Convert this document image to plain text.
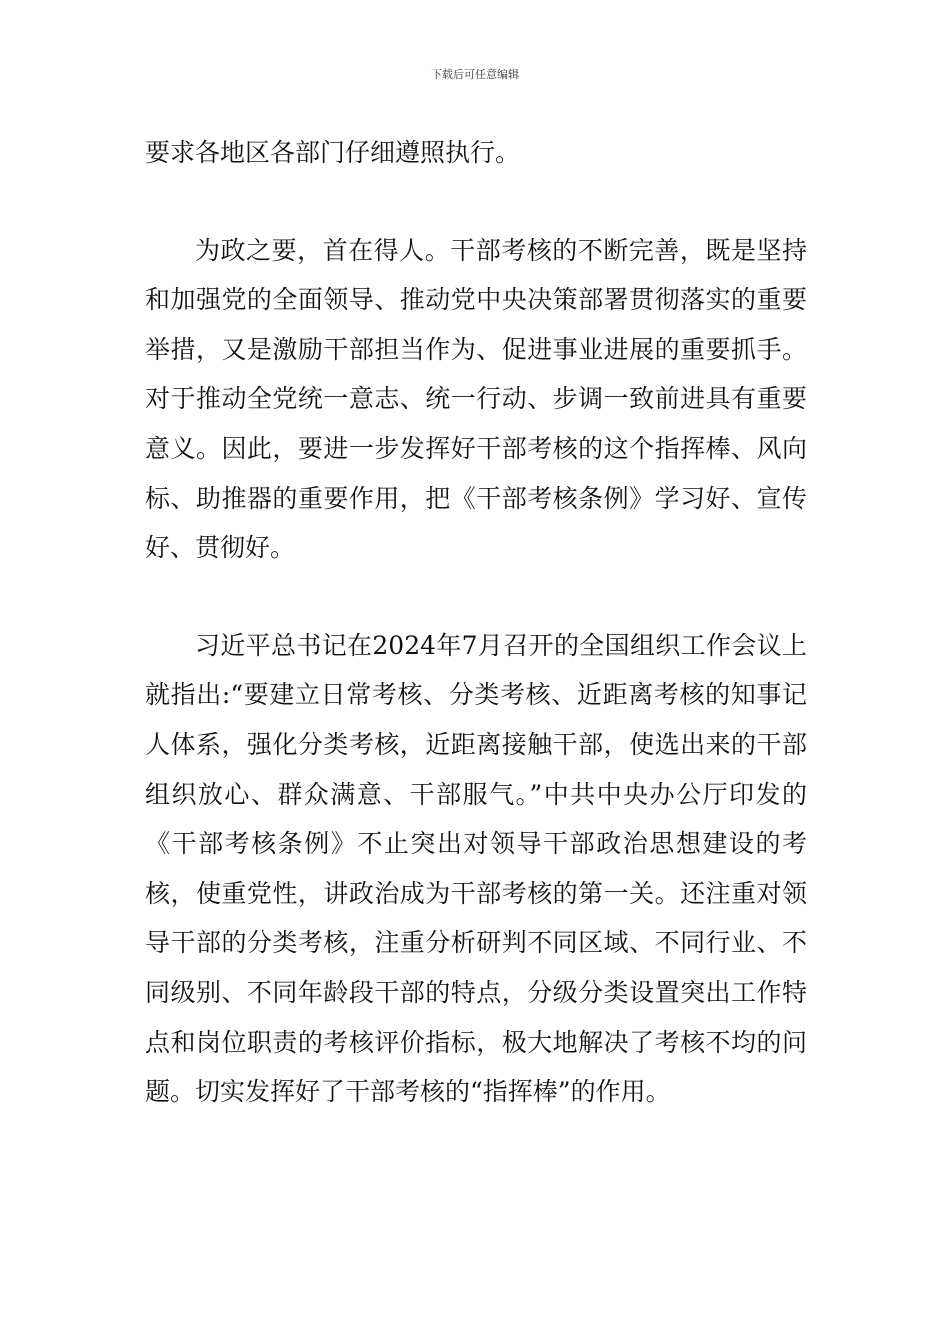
下载后可任意编辑

要求各地区各部门仔细遵照执行。

为政之要，首在得人。干部考核的不断完善，既是坚持和加强党的全面领导、推动党中央决策部署贯彻落实的重要举措，又是激励干部担当作为、促进事业进展的重要抓手。对于推动全党统一意志、统一行动、步调一致前进具有重要意义。因此，要进一步发挥好干部考核的这个指挥棒、风向标、助推器的重要作用，把《干部考核条例》学习好、宣传好、贯彻好。

习近平总书记在2024年7月召开的全国组织工作会议上就指出:“要建立日常考核、分类考核、近距离考核的知事记人体系，强化分类考核，近距离接触干部，使选出来的干部组织放心、群众满意、干部服气。”中共中央办公厅印发的《干部考核条例》不止突出对领导干部政治思想建设的考核，使重党性，讲政治成为干部考核的第一关。还注重对领导干部的分类考核，注重分析研判不同区域、不同行业、不同级别、不同年龄段干部的特点，分级分类设置突出工作特点和岗位职责的考核评价指标，极大地解决了考核不均的问题。切实发挥好了干部考核的“指挥棒”的作用。
